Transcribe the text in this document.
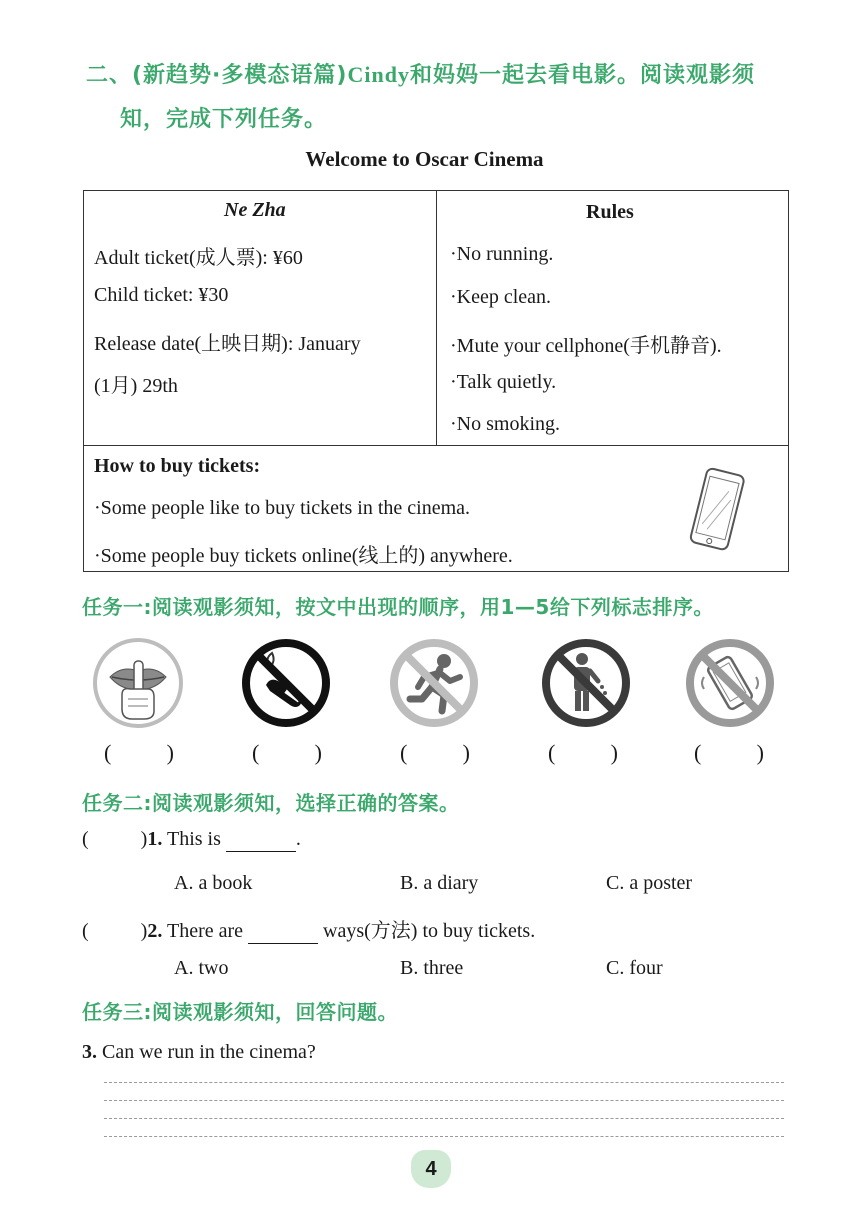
二、(新趋势·多模态语篇)Cindy和妈妈一起去看电影。阅读观影须
知，完成下列任务。
Welcome to Oscar Cinema
Ne Zha
Adult ticket(成人票): ¥60
Child ticket: ¥30
Release date(上映日期): January
(1月) 29th
Rules
·No running.
·Keep clean.
·Mute your cellphone(手机静音).
·Talk quietly.
·No smoking.
How to buy tickets:
·Some people like to buy tickets in the cinema.
·Some people buy tickets online(线上的) anywhere.
任务一:阅读观影须知，按文中出现的顺序，用1—5给下列标志排序。
(	)	(	)	(	)	(	)	(	)
任务二:阅读观影须知，选择正确的答案。
(	)1. This is	.
A. a book	B. a diary	C. a poster
(	)2. There are	ways(方法) to buy tickets.
A. two	B. three	C. four
任务三:阅读观影须知，回答问题。
3. Can we run in the cinema?
4
